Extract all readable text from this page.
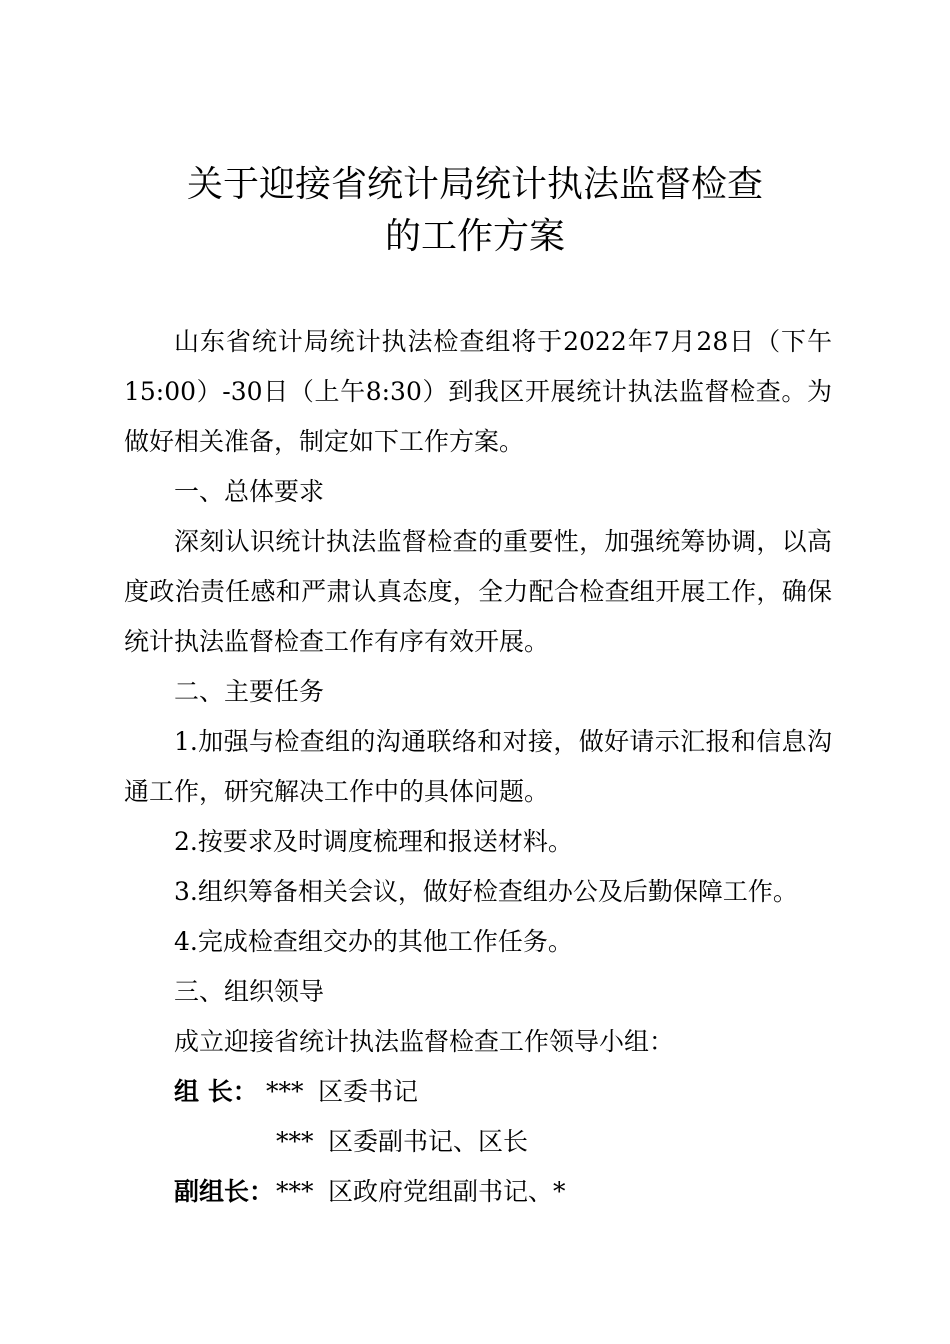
关于迎接省统计局统计执法监督检查
的工作方案

山东省统计局统计执法检查组将于2022年7月28日（下午15:00）-30日（上午8:30）到我区开展统计执法监督检查。为做好相关准备，制定如下工作方案。

一、总体要求

深刻认识统计执法监督检查的重要性，加强统筹协调，以高度政治责任感和严肃认真态度，全力配合检查组开展工作，确保统计执法监督检查工作有序有效开展。

二、主要任务

1.加强与检查组的沟通联络和对接，做好请示汇报和信息沟通工作，研究解决工作中的具体问题。

2.按要求及时调度梳理和报送材料。

3.组织筹备相关会议，做好检查组办公及后勤保障工作。

4.完成检查组交办的其他工作任务。

三、组织领导

成立迎接省统计执法监督检查工作领导小组：

组 长： *** 区委书记

*** 区委副书记、区长

副组长：*** 区政府党组副书记、*
